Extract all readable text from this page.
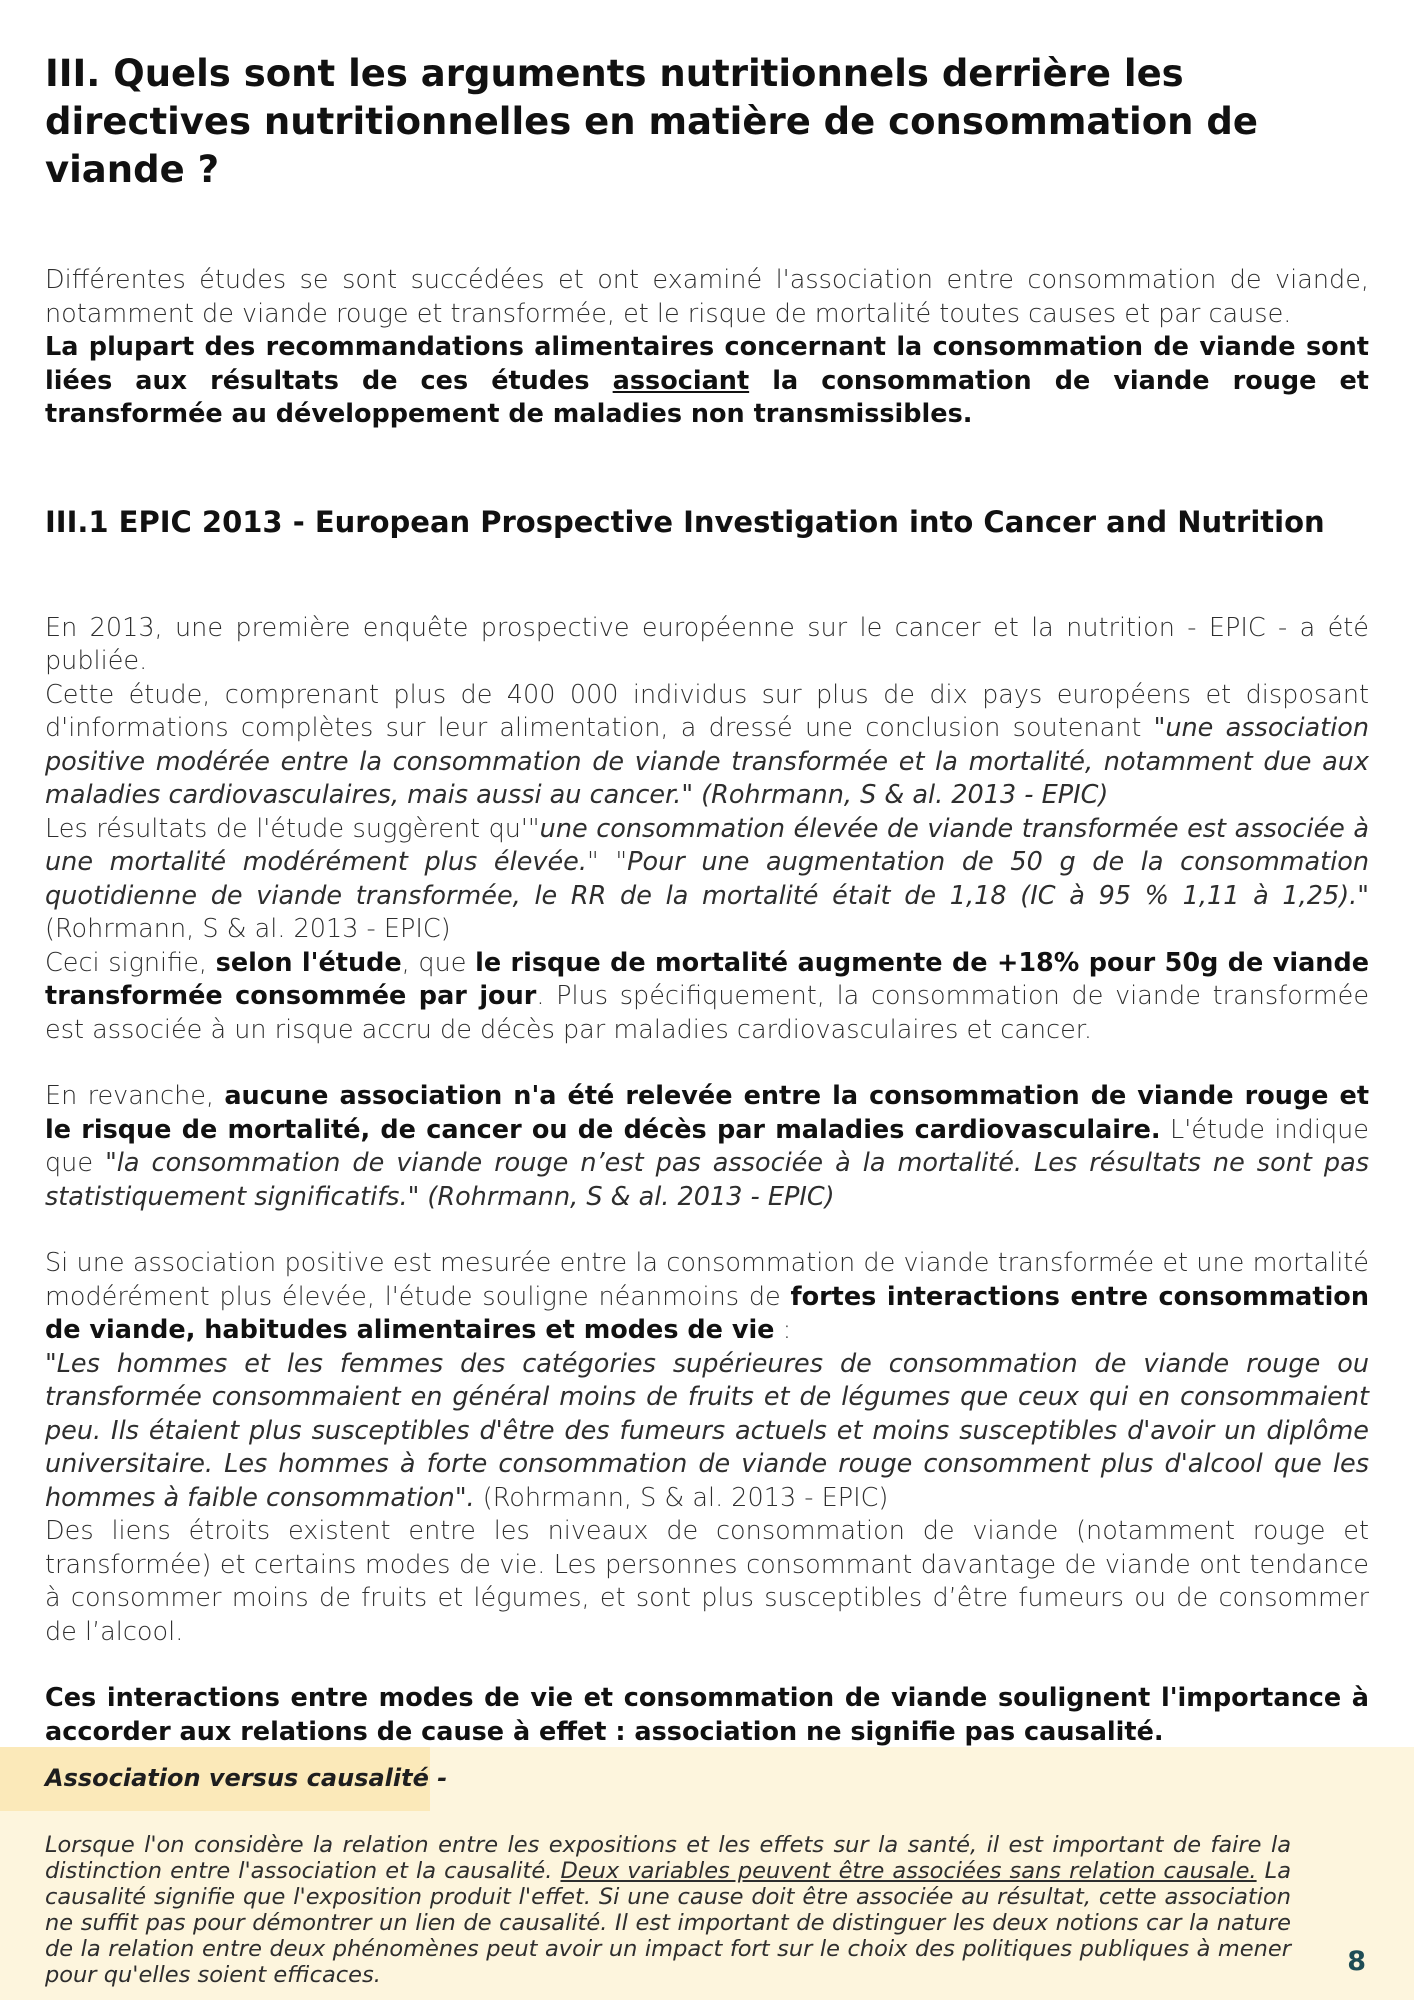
III. Quels sont les arguments nutritionnels derrière les directives nutritionnelles en matière de consommation de viande ?

Différentes études se sont succédées et ont examiné l'association entre consommation de viande, notamment de viande rouge et transformée, et le risque de mortalité toutes causes et par cause.
La plupart des recommandations alimentaires concernant la consommation de viande sont liées aux résultats de ces études associant la consommation de viande rouge et transformée au développement de maladies non transmissibles.

III.1 EPIC 2013 - European Prospective Investigation into Cancer and Nutrition

En 2013, une première enquête prospective européenne sur le cancer et la nutrition - EPIC - a été publiée.
Cette étude, comprenant plus de 400 000 individus sur plus de dix pays européens et disposant d'informations complètes sur leur alimentation, a dressé une conclusion soutenant "une association positive modérée entre la consommation de viande transformée et la mortalité, notamment due aux maladies cardiovasculaires, mais aussi au cancer." (Rohrmann, S & al. 2013 - EPIC)
Les résultats de l'étude suggèrent qu'"une consommation élevée de viande transformée est associée à une mortalité modérément plus élevée." "Pour une augmentation de 50 g de la consommation quotidienne de viande transformée, le RR de la mortalité était de 1,18 (IC à 95 % 1,11 à 1,25)." (Rohrmann, S & al. 2013 - EPIC)
Ceci signifie, selon l'étude, que le risque de mortalité augmente de +18% pour 50g de viande transformée consommée par jour. Plus spécifiquement, la consommation de viande transformée est associée à un risque accru de décès par maladies cardiovasculaires et cancer.

En revanche, aucune association n'a été relevée entre la consommation de viande rouge et le risque de mortalité, de cancer ou de décès par maladies cardiovasculaire. L'étude indique que "la consommation de viande rouge n’est pas associée à la mortalité. Les résultats ne sont pas statistiquement significatifs." (Rohrmann, S & al. 2013 - EPIC)

Si une association positive est mesurée entre la consommation de viande transformée et une mortalité modérément plus élevée, l'étude souligne néanmoins de fortes interactions entre consommation de viande, habitudes alimentaires et modes de vie :
"Les hommes et les femmes des catégories supérieures de consommation de viande rouge ou transformée consommaient en général moins de fruits et de légumes que ceux qui en consommaient peu. Ils étaient plus susceptibles d'être des fumeurs actuels et moins susceptibles d'avoir un diplôme universitaire. Les hommes à forte consommation de viande rouge consomment plus d'alcool que les hommes à faible consommation". (Rohrmann, S & al. 2013 - EPIC)
Des liens étroits existent entre les niveaux de consommation de viande (notamment rouge et transformée) et certains modes de vie. Les personnes consommant davantage de viande ont tendance à consommer moins de fruits et légumes, et sont plus susceptibles d’être fumeurs ou de consommer de l’alcool.

Ces interactions entre modes de vie et consommation de viande soulignent l'importance à accorder aux relations de cause à effet : association ne signifie pas causalité.

Association versus causalité -
Lorsque l'on considère la relation entre les expositions et les effets sur la santé, il est important de faire la distinction entre l'association et la causalité. Deux variables peuvent être associées sans relation causale. La causalité signifie que l'exposition produit l'effet. Si une cause doit être associée au résultat, cette association ne suffit pas pour démontrer un lien de causalité. Il est important de distinguer les deux notions car la nature de la relation entre deux phénomènes peut avoir un impact fort sur le choix des politiques publiques à mener pour qu'elles soient efficaces.	8
